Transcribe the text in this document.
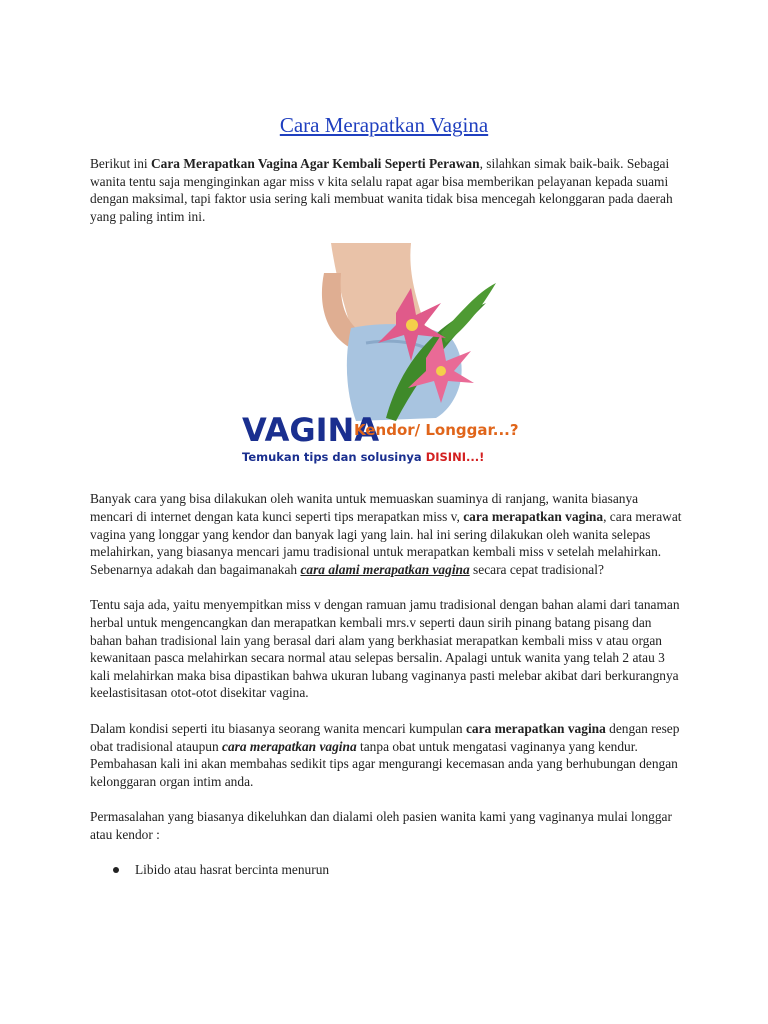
Cara Merapatkan Vagina

Berikut ini Cara Merapatkan Vagina Agar Kembali Seperti Perawan, silahkan simak baik-baik. Sebagai wanita tentu saja menginginkan agar miss v kita selalu rapat agar bisa memberikan pelayanan kepada suami dengan maksimal, tapi faktor usia sering kali membuat wanita tidak bisa mencegah kelonggaran pada daerah yang paling intim ini.

VAGINA
Kendor/ Longgar...?
Temukan tips dan solusinya DISINI...!

Banyak cara yang bisa dilakukan oleh wanita untuk memuaskan suaminya di ranjang, wanita biasanya mencari di internet dengan kata kunci seperti tips merapatkan miss v, cara merapatkan vagina, cara merawat vagina yang longgar yang kendor dan banyak lagi yang lain. hal ini sering dilakukan oleh wanita selepas melahirkan, yang biasanya mencari jamu tradisional untuk merapatkan kembali miss v setelah melahirkan. Sebenarnya adakah dan bagaimanakah cara alami merapatkan vagina secara cepat tradisional?

Tentu saja ada, yaitu menyempitkan miss v dengan ramuan jamu tradisional dengan bahan alami dari tanaman herbal untuk mengencangkan dan merapatkan kembali mrs.v seperti daun sirih pinang batang pisang dan bahan bahan tradisional lain yang berasal dari alam yang berkhasiat merapatkan kembali miss v atau organ kewanitaan pasca melahirkan secara normal atau selepas bersalin. Apalagi untuk wanita yang telah 2 atau 3 kali melahirkan maka bisa dipastikan bahwa ukuran lubang vaginanya pasti melebar akibat dari berkurangnya keelastisitasan otot-otot disekitar vagina.

Dalam kondisi seperti itu biasanya seorang wanita mencari kumpulan cara merapatkan vagina dengan resep obat tradisional ataupun cara merapatkan vagina tanpa obat untuk mengatasi vaginanya yang kendur. Pembahasan kali ini akan membahas sedikit tips agar mengurangi kecemasan anda yang berhubungan dengan kelonggaran organ intim anda.

Permasalahan yang biasanya dikeluhkan dan dialami oleh pasien wanita kami yang vaginanya mulai longgar atau kendor :

Libido atau hasrat bercinta menurun
